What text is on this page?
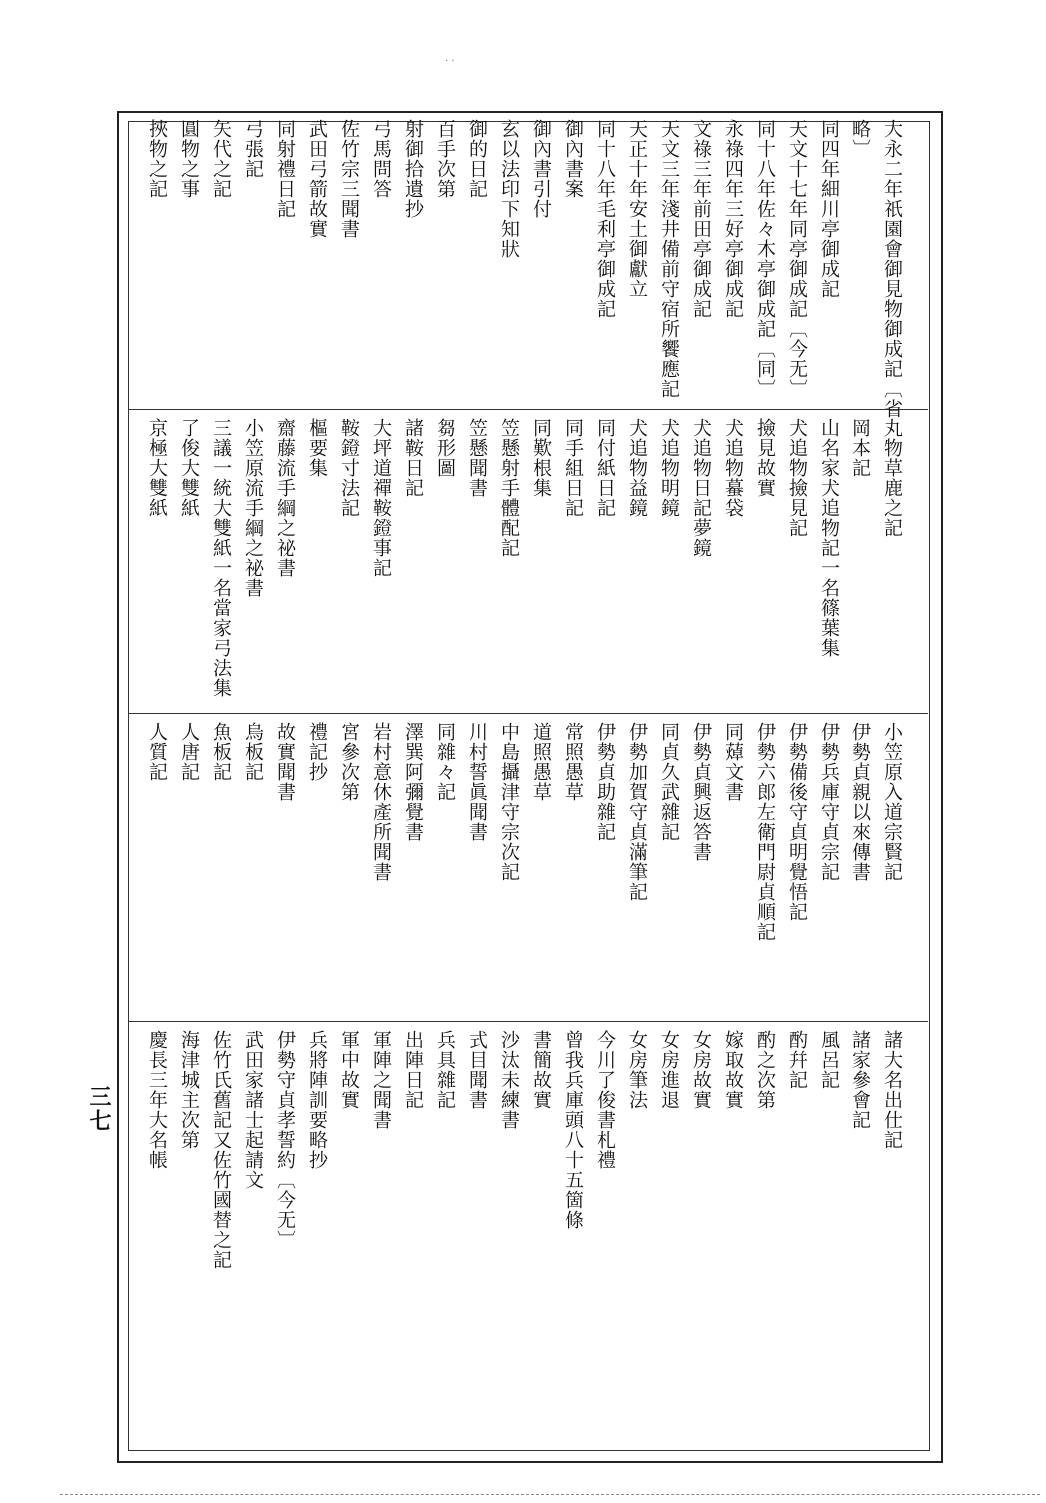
· ‧
三七
大永二年祇園會御見物御成記〔省
略〕
同四年細川亭御成記
天文十七年同亭御成記〔今无〕
同十八年佐々木亭御成記〔同〕
永祿四年三好亭御成記
文祿三年前田亭御成記
天文三年淺井備前守宿所饗應記
天正十年安土御獻立
同十八年毛利亭御成記
御內書案
御內書引付
玄以法印下知狀
御的日記
百手次第
射御拾遺抄
弓馬問答
佐竹宗三聞書
武田弓箭故實
同射禮日記
弓張記
矢代之記
圓物之事
挾物之記
丸物草鹿之記
岡本記
山名家犬追物記一名篠葉集
犬追物撿見記
撿見故實
犬追物蟇袋
犬追物日記夢鏡
犬追物明鏡
犬追物益鏡
同付紙日記
同手組日記
同歎根集
笠懸射手體配記
笠懸聞書
芻形圖
諸鞍日記
大坪道禪鞍鐙事記
鞍鐙寸法記
樞要集
齋藤流手綱之祕書
小笠原流手綱之祕書
三議一統大雙紙一名當家弓法集
了俊大雙紙
京極大雙紙
小笠原入道宗賢記
伊勢貞親以來傳書
伊勢兵庫守貞宗記
伊勢備後守貞明覺悟記
伊勢六郎左衛門尉貞順記
同𦻐文書
伊勢貞興返答書
同貞久武雜記
伊勢加賀守貞滿筆記
伊勢貞助雜記
常照愚草
道照愚草
中島攝津守宗次記
川村誓眞聞書
同雜々記
澤巽阿彌覺書
岩村意休產所聞書
宮參次第
禮記抄
故實聞書
烏板記
魚板記
人唐記
人質記
諸大名出仕記
諸家參會記
風呂記
酌幷記
酌之次第
嫁取故實
女房故實
女房進退
女房筆法
今川了俊書札禮
曾我兵庫頭八十五箇條
書簡故實
沙汰未練書
式目聞書
兵具雜記
出陣日記
軍陣之聞書
軍中故實
兵將陣訓要略抄
伊勢守貞孝誓約〔今无〕
武田家諸士起請文
佐竹氏舊記又佐竹國替之記
海津城主次第
慶長三年大名帳
